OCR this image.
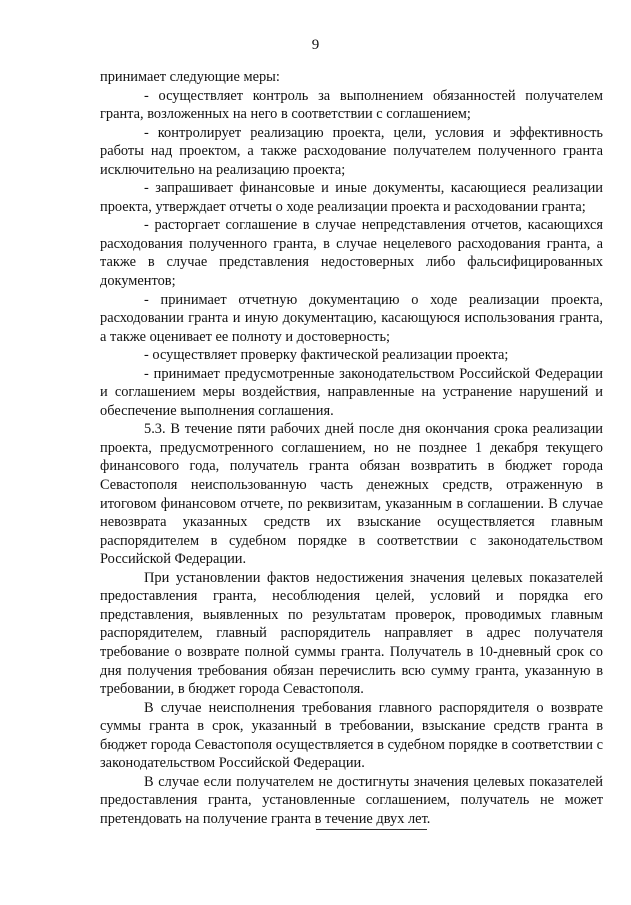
9

принимает следующие меры:

- осуществляет контроль за выполнением обязанностей получателем гранта, возложенных на него в соответствии с соглашением;

- контролирует реализацию проекта, цели, условия и эффективность работы над проектом, а также расходование получателем полученного гранта исключительно на реализацию проекта;

- запрашивает финансовые и иные документы, касающиеся реализации проекта, утверждает отчеты о ходе реализации проекта и расходовании гранта;

- расторгает соглашение в случае непредставления отчетов, касающихся расходования полученного гранта, в случае нецелевого расходования гранта, а также в случае представления недостоверных либо фальсифицированных документов;

- принимает отчетную документацию о ходе реализации проекта, расходовании гранта и иную документацию, касающуюся использования гранта, а также оценивает ее полноту и достоверность;

- осуществляет проверку фактической реализации проекта;

- принимает предусмотренные законодательством Российской Федерации и соглашением меры воздействия, направленные на устранение нарушений и обеспечение выполнения соглашения.

5.3. В течение пяти рабочих дней после дня окончания срока реализации проекта, предусмотренного соглашением, но не позднее 1 декабря текущего финансового года, получатель гранта обязан возвратить в бюджет города Севастополя неиспользованную часть денежных средств, отраженную в итоговом финансовом отчете, по реквизитам, указанным в соглашении. В случае невозврата указанных средств их взыскание осуществляется главным распорядителем в судебном порядке в соответствии с законодательством Российской Федерации.

При установлении фактов недостижения значения целевых показателей предоставления гранта, несоблюдения целей, условий и порядка его представления, выявленных по результатам проверок, проводимых главным распорядителем, главный распорядитель направляет в адрес получателя требование о возврате полной суммы гранта. Получатель в 10-дневный срок со дня получения требования обязан перечислить всю сумму гранта, указанную в требовании, в бюджет города Севастополя.

В случае неисполнения требования главного распорядителя о возврате суммы гранта в срок, указанный в требовании, взыскание средств гранта в бюджет города Севастополя осуществляется в судебном порядке в соответствии с законодательством Российской Федерации.

В случае если получателем не достигнуты значения целевых показателей предоставления гранта, установленные соглашением, получатель не может претендовать на получение гранта в течение двух лет.
